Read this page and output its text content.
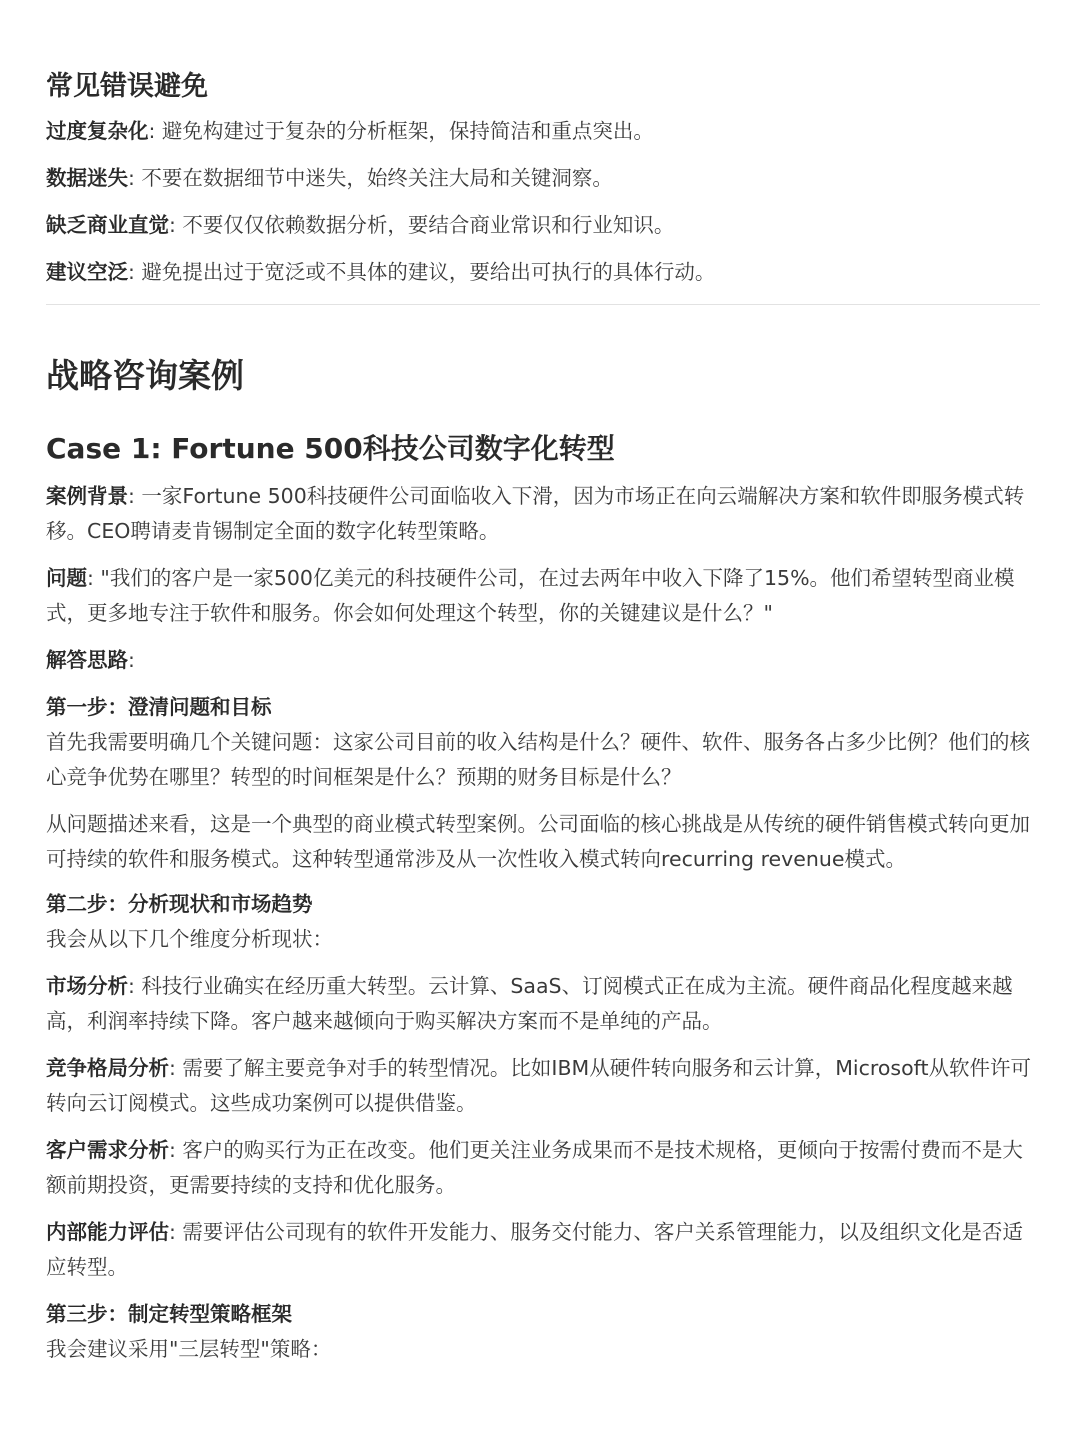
常见错误避免

过度复杂化: 避免构建过于复杂的分析框架，保持简洁和重点突出。

数据迷失: 不要在数据细节中迷失，始终关注大局和关键洞察。

缺乏商业直觉: 不要仅仅依赖数据分析，要结合商业常识和行业知识。

建议空泛: 避免提出过于宽泛或不具体的建议，要给出可执行的具体行动。

战略咨询案例
Case 1: Fortune 500科技公司数字化转型

案例背景: 一家Fortune 500科技硬件公司面临收入下滑，因为市场正在向云端解决方案和软件即服务模式转移。CEO聘请麦肯锡制定全面的数字化转型策略。

问题: "我们的客户是一家500亿美元的科技硬件公司，在过去两年中收入下降了15%。他们希望转型商业模式，更多地专注于软件和服务。你会如何处理这个转型，你的关键建议是什么？"

解答思路:

第一步：澄清问题和目标

首先我需要明确几个关键问题：这家公司目前的收入结构是什么？硬件、软件、服务各占多少比例？他们的核心竞争优势在哪里？转型的时间框架是什么？预期的财务目标是什么？

从问题描述来看，这是一个典型的商业模式转型案例。公司面临的核心挑战是从传统的硬件销售模式转向更加可持续的软件和服务模式。这种转型通常涉及从一次性收入模式转向recurring revenue模式。

第二步：分析现状和市场趋势

我会从以下几个维度分析现状：

市场分析: 科技行业确实在经历重大转型。云计算、SaaS、订阅模式正在成为主流。硬件商品化程度越来越高，利润率持续下降。客户越来越倾向于购买解决方案而不是单纯的产品。

竞争格局分析: 需要了解主要竞争对手的转型情况。比如IBM从硬件转向服务和云计算，Microsoft从软件许可转向云订阅模式。这些成功案例可以提供借鉴。

客户需求分析: 客户的购买行为正在改变。他们更关注业务成果而不是技术规格，更倾向于按需付费而不是大额前期投资，更需要持续的支持和优化服务。

内部能力评估: 需要评估公司现有的软件开发能力、服务交付能力、客户关系管理能力，以及组织文化是否适应转型。

第三步：制定转型策略框架

我会建议采用"三层转型"策略：
